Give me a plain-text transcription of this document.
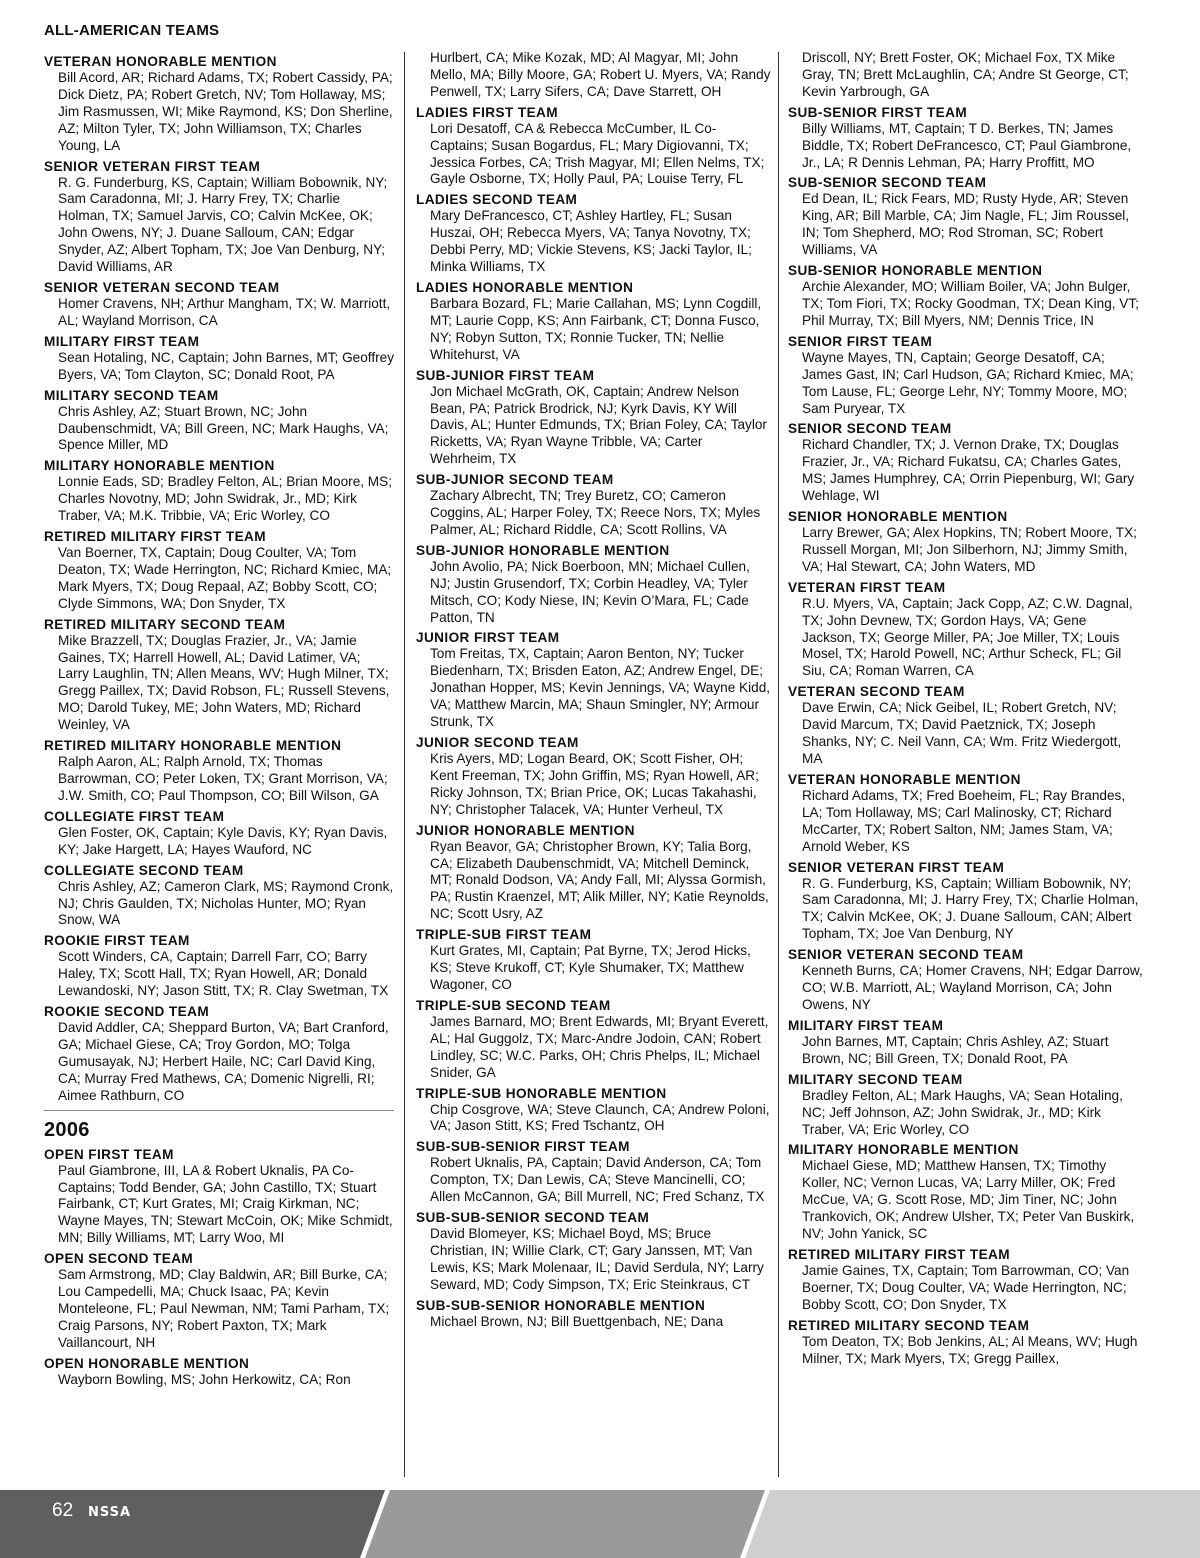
ALL-AMERICAN TEAMS
VETERAN HONORABLE MENTION
Bill Acord, AR; Richard Adams, TX; Robert Cassidy, PA; Dick Dietz, PA; Robert Gretch, NV; Tom Hollaway, MS; Jim Rasmussen, WI; Mike Raymond, KS; Don Sherline, AZ; Milton Tyler, TX; John Williamson, TX; Charles Young, LA
SENIOR VETERAN FIRST TEAM
R. G. Funderburg, KS, Captain; William Bobownik, NY; Sam Caradonna, MI; J. Harry Frey, TX; Charlie Holman, TX; Samuel Jarvis, CO; Calvin McKee, OK; John Owens, NY; J. Duane Salloum, CAN; Edgar Snyder, AZ; Albert Topham, TX; Joe Van Denburg, NY; David Williams, AR
SENIOR VETERAN SECOND TEAM
Homer Cravens, NH; Arthur Mangham, TX; W. Marriott, AL; Wayland Morrison, CA
MILITARY FIRST TEAM
Sean Hotaling, NC, Captain; John Barnes, MT; Geoffrey Byers, VA; Tom Clayton, SC; Donald Root, PA
MILITARY SECOND TEAM
Chris Ashley, AZ; Stuart Brown, NC; John Daubenschmidt, VA; Bill Green, NC; Mark Haughs, VA; Spence Miller, MD
MILITARY HONORABLE MENTION
Lonnie Eads, SD; Bradley Felton, AL; Brian Moore, MS; Charles Novotny, MD; John Swidrak, Jr., MD; Kirk Traber, VA; M.K. Tribbie, VA; Eric Worley, CO
RETIRED MILITARY FIRST TEAM
Van Boerner, TX, Captain; Doug Coulter, VA; Tom Deaton, TX; Wade Herrington, NC; Richard Kmiec, MA; Mark Myers, TX; Doug Repaal, AZ; Bobby Scott, CO; Clyde Simmons, WA; Don Snyder, TX
RETIRED MILITARY SECOND TEAM
Mike Brazzell, TX; Douglas Frazier, Jr., VA; Jamie Gaines, TX; Harrell Howell, AL; David Latimer, VA; Larry Laughlin, TN; Allen Means, WV; Hugh Milner, TX; Gregg Paillex, TX; David Robson, FL; Russell Stevens, MO; Darold Tukey, ME; John Waters, MD; Richard Weinley, VA
RETIRED MILITARY HONORABLE MENTION
Ralph Aaron, AL; Ralph Arnold, TX; Thomas Barrowman, CO; Peter Loken, TX; Grant Morrison, VA; J.W. Smith, CO; Paul Thompson, CO; Bill Wilson, GA
COLLEGIATE FIRST TEAM
Glen Foster, OK, Captain; Kyle Davis, KY; Ryan Davis, KY; Jake Hargett, LA; Hayes Wauford, NC
COLLEGIATE SECOND TEAM
Chris Ashley, AZ; Cameron Clark, MS; Raymond Cronk, NJ; Chris Gaulden, TX; Nicholas Hunter, MO; Ryan Snow, WA
ROOKIE FIRST TEAM
Scott Winders, CA, Captain; Darrell Farr, CO; Barry Haley, TX; Scott Hall, TX; Ryan Howell, AR; Donald Lewandoski, NY; Jason Stitt, TX; R. Clay Swetman, TX
ROOKIE SECOND TEAM
David Addler, CA; Sheppard Burton, VA; Bart Cranford, GA; Michael Giese, CA; Troy Gordon, MO; Tolga Gumusayak, NJ; Herbert Haile, NC; Carl David King, CA; Murray Fred Mathews, CA; Domenic Nigrelli, RI; Aimee Rathburn, CO
2006
OPEN FIRST TEAM
Paul Giambrone, III, LA & Robert Uknalis, PA Co-Captains; Todd Bender, GA; John Castillo, TX; Stuart Fairbank, CT; Kurt Grates, MI; Craig Kirkman, NC; Wayne Mayes, TN; Stewart McCoin, OK; Mike Schmidt, MN; Billy Williams, MT; Larry Woo, MI
OPEN SECOND TEAM
Sam Armstrong, MD; Clay Baldwin, AR; Bill Burke, CA; Lou Campedelli, MA; Chuck Isaac, PA; Kevin Monteleone, FL; Paul Newman, NM; Tami Parham, TX; Craig Parsons, NY; Robert Paxton, TX; Mark Vaillancourt, NH
OPEN HONORABLE MENTION
Wayborn Bowling, MS; John Herkowitz, CA; Ron
Hurlbert, CA; Mike Kozak, MD; Al Magyar, MI; John Mello, MA; Billy Moore, GA; Robert U. Myers, VA; Randy Penwell, TX; Larry Sifers, CA; Dave Starrett, OH
LADIES FIRST TEAM
Lori Desatoff, CA & Rebecca McCumber, IL Co-Captains; Susan Bogardus, FL; Mary Digiovanni, TX; Jessica Forbes, CA; Trish Magyar, MI; Ellen Nelms, TX; Gayle Osborne, TX; Holly Paul, PA; Louise Terry, FL
LADIES SECOND TEAM
Mary DeFrancesco, CT; Ashley Hartley, FL; Susan Huszai, OH; Rebecca Myers, VA; Tanya Novotny, TX; Debbi Perry, MD; Vickie Stevens, KS; Jacki Taylor, IL; Minka Williams, TX
LADIES HONORABLE MENTION
Barbara Bozard, FL; Marie Callahan, MS; Lynn Cogdill, MT; Laurie Copp, KS; Ann Fairbank, CT; Donna Fusco, NY; Robyn Sutton, TX; Ronnie Tucker, TN; Nellie Whitehurst, VA
SUB-JUNIOR FIRST TEAM
Jon Michael McGrath, OK, Captain; Andrew Nelson Bean, PA; Patrick Brodrick, NJ; Kyrk Davis, KY Will Davis, AL; Hunter Edmunds, TX; Brian Foley, CA; Taylor Ricketts, VA; Ryan Wayne Tribble, VA; Carter Wehrheim, TX
SUB-JUNIOR SECOND TEAM
Zachary Albrecht, TN; Trey Buretz, CO; Cameron Coggins, AL; Harper Foley, TX; Reece Nors, TX; Myles Palmer, AL; Richard Riddle, CA; Scott Rollins, VA
SUB-JUNIOR HONORABLE MENTION
John Avolio, PA; Nick Boerboon, MN; Michael Cullen, NJ; Justin Grusendorf, TX; Corbin Headley, VA; Tyler Mitsch, CO; Kody Niese, IN; Kevin O’Mara, FL; Cade Patton, TN
JUNIOR FIRST TEAM
Tom Freitas, TX, Captain; Aaron Benton, NY; Tucker Biedenharn, TX; Brisden Eaton, AZ; Andrew Engel, DE; Jonathan Hopper, MS; Kevin Jennings, VA; Wayne Kidd, VA; Matthew Marcin, MA; Shaun Smingler, NY; Armour Strunk, TX
JUNIOR SECOND TEAM
Kris Ayers, MD; Logan Beard, OK; Scott Fisher, OH; Kent Freeman, TX; John Griffin, MS; Ryan Howell, AR; Ricky Johnson, TX; Brian Price, OK; Lucas Takahashi, NY; Christopher Talacek, VA; Hunter Verheul, TX
JUNIOR HONORABLE MENTION
Ryan Beavor, GA; Christopher Brown, KY; Talia Borg, CA; Elizabeth Daubenschmidt, VA; Mitchell Deminck, MT; Ronald Dodson, VA; Andy Fall, MI; Alyssa Gormish, PA; Rustin Kraenzel, MT; Alik Miller, NY; Katie Reynolds, NC; Scott Usry, AZ
TRIPLE-SUB FIRST TEAM
Kurt Grates, MI, Captain; Pat Byrne, TX; Jerod Hicks, KS; Steve Krukoff, CT; Kyle Shumaker, TX; Matthew Wagoner, CO
TRIPLE-SUB SECOND TEAM
James Barnard, MO; Brent Edwards, MI; Bryant Everett, AL; Hal Guggolz, TX; Marc-Andre Jodoin, CAN; Robert Lindley, SC; W.C. Parks, OH; Chris Phelps, IL; Michael Snider, GA
TRIPLE-SUB HONORABLE MENTION
Chip Cosgrove, WA; Steve Claunch, CA; Andrew Poloni, VA; Jason Stitt, KS; Fred Tschantz, OH
SUB-SUB-SENIOR FIRST TEAM
Robert Uknalis, PA, Captain; David Anderson, CA; Tom Compton, TX; Dan Lewis, CA; Steve Mancinelli, CO; Allen McCannon, GA; Bill Murrell, NC; Fred Schanz, TX
SUB-SUB-SENIOR SECOND TEAM
David Blomeyer, KS; Michael Boyd, MS; Bruce Christian, IN; Willie Clark, CT; Gary Janssen, MT; Van Lewis, KS; Mark Molenaar, IL; David Serdula, NY; Larry Seward, MD; Cody Simpson, TX; Eric Steinkraus, CT
SUB-SUB-SENIOR HONORABLE MENTION
Michael Brown, NJ; Bill Buettgenbach, NE; Dana
Driscoll, NY; Brett Foster, OK; Michael Fox, TX Mike Gray, TN; Brett McLaughlin, CA; Andre St George, CT; Kevin Yarbrough, GA
SUB-SENIOR FIRST TEAM
Billy Williams, MT, Captain; T D. Berkes, TN; James Biddle, TX; Robert DeFrancesco, CT; Paul Giambrone, Jr., LA; R Dennis Lehman, PA; Harry Proffitt, MO
SUB-SENIOR SECOND TEAM
Ed Dean, IL; Rick Fears, MD; Rusty Hyde, AR; Steven King, AR; Bill Marble, CA; Jim Nagle, FL; Jim Roussel, IN; Tom Shepherd, MO; Rod Stroman, SC; Robert Williams, VA
SUB-SENIOR HONORABLE MENTION
Archie Alexander, MO; William Boiler, VA; John Bulger, TX; Tom Fiori, TX; Rocky Goodman, TX; Dean King, VT; Phil Murray, TX; Bill Myers, NM; Dennis Trice, IN
SENIOR FIRST TEAM
Wayne Mayes, TN, Captain; George Desatoff, CA; James Gast, IN; Carl Hudson, GA; Richard Kmiec, MA; Tom Lause, FL; George Lehr, NY; Tommy Moore, MO; Sam Puryear, TX
SENIOR SECOND TEAM
Richard Chandler, TX; J. Vernon Drake, TX; Douglas Frazier, Jr., VA; Richard Fukatsu, CA; Charles Gates, MS; James Humphrey, CA; Orrin Piepenburg, WI; Gary Wehlage, WI
SENIOR HONORABLE MENTION
Larry Brewer, GA; Alex Hopkins, TN; Robert Moore, TX; Russell Morgan, MI; Jon Silberhorn, NJ; Jimmy Smith, VA; Hal Stewart, CA; John Waters, MD
VETERAN FIRST TEAM
R.U. Myers, VA, Captain; Jack Copp, AZ; C.W. Dagnal, TX; John Devnew, TX; Gordon Hays, VA; Gene Jackson, TX; George Miller, PA; Joe Miller, TX; Louis Mosel, TX; Harold Powell, NC; Arthur Scheck, FL; Gil Siu, CA; Roman Warren, CA
VETERAN SECOND TEAM
Dave Erwin, CA; Nick Geibel, IL; Robert Gretch, NV; David Marcum, TX; David Paetznick, TX; Joseph Shanks, NY; C. Neil Vann, CA; Wm. Fritz Wiedergott, MA
VETERAN HONORABLE MENTION
Richard Adams, TX; Fred Boeheim, FL; Ray Brandes, LA; Tom Hollaway, MS; Carl Malinosky, CT; Richard McCarter, TX; Robert Salton, NM; James Stam, VA; Arnold Weber, KS
SENIOR VETERAN FIRST TEAM
R. G. Funderburg, KS, Captain; William Bobownik, NY; Sam Caradonna, MI; J. Harry Frey, TX; Charlie Holman, TX; Calvin McKee, OK; J. Duane Salloum, CAN; Albert Topham, TX; Joe Van Denburg, NY
SENIOR VETERAN SECOND TEAM
Kenneth Burns, CA; Homer Cravens, NH; Edgar Darrow, CO; W.B. Marriott, AL; Wayland Morrison, CA; John Owens, NY
MILITARY FIRST TEAM
John Barnes, MT, Captain; Chris Ashley, AZ; Stuart Brown, NC; Bill Green, TX; Donald Root, PA
MILITARY SECOND TEAM
Bradley Felton, AL; Mark Haughs, VA; Sean Hotaling, NC; Jeff Johnson, AZ; John Swidrak, Jr., MD; Kirk Traber, VA; Eric Worley, CO
MILITARY HONORABLE MENTION
Michael Giese, MD; Matthew Hansen, TX; Timothy Koller, NC; Vernon Lucas, VA; Larry Miller, OK; Fred McCue, VA; G. Scott Rose, MD; Jim Tiner, NC; John Trankovich, OK; Andrew Ulsher, TX; Peter Van Buskirk, NV; John Yanick, SC
RETIRED MILITARY FIRST TEAM
Jamie Gaines, TX, Captain; Tom Barrowman, CO; Van Boerner, TX; Doug Coulter, VA; Wade Herrington, NC; Bobby Scott, CO; Don Snyder, TX
RETIRED MILITARY SECOND TEAM
Tom Deaton, TX; Bob Jenkins, AL; Al Means, WV; Hugh Milner, TX; Mark Myers, TX; Gregg Paillex,
62 NSSA
